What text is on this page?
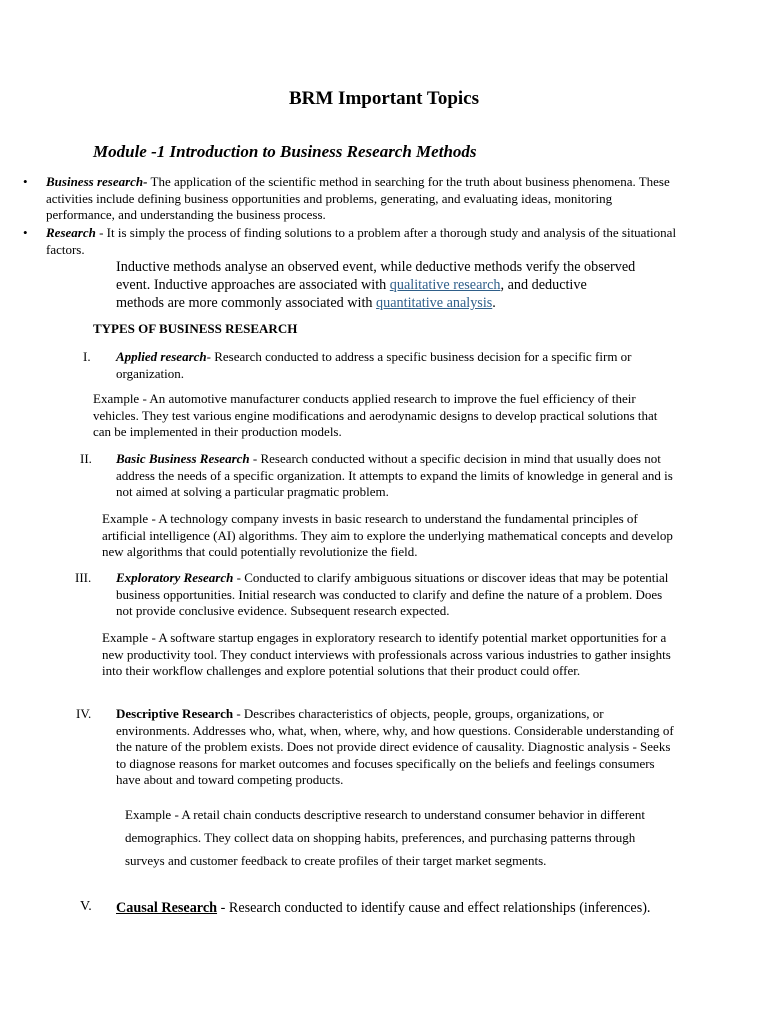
BRM Important Topics
Module -1 Introduction to Business Research Methods
• Business research- The application of the scientific method in searching for the truth about business phenomena. These activities include defining business opportunities and problems, generating, and evaluating ideas, monitoring performance, and understanding the business process.
• Research - It is simply the process of finding solutions to a problem after a thorough study and analysis of the situational factors.
Inductive methods analyse an observed event, while deductive methods verify the observed event. Inductive approaches are associated with qualitative research, and deductive methods are more commonly associated with quantitative analysis.
TYPES OF BUSINESS RESEARCH
I. Applied research- Research conducted to address a specific business decision for a specific firm or organization.
Example - An automotive manufacturer conducts applied research to improve the fuel efficiency of their vehicles. They test various engine modifications and aerodynamic designs to develop practical solutions that can be implemented in their production models.
II. Basic Business Research - Research conducted without a specific decision in mind that usually does not address the needs of a specific organization. It attempts to expand the limits of knowledge in general and is not aimed at solving a particular pragmatic problem.
Example - A technology company invests in basic research to understand the fundamental principles of artificial intelligence (AI) algorithms. They aim to explore the underlying mathematical concepts and develop new algorithms that could potentially revolutionize the field.
III. Exploratory Research - Conducted to clarify ambiguous situations or discover ideas that may be potential business opportunities. Initial research was conducted to clarify and define the nature of a problem. Does not provide conclusive evidence. Subsequent research expected.
Example - A software startup engages in exploratory research to identify potential market opportunities for a new productivity tool. They conduct interviews with professionals across various industries to gather insights into their workflow challenges and explore potential solutions that their product could offer.
IV. Descriptive Research - Describes characteristics of objects, people, groups, organizations, or environments. Addresses who, what, when, where, why, and how questions. Considerable understanding of the nature of the problem exists. Does not provide direct evidence of causality. Diagnostic analysis - Seeks to diagnose reasons for market outcomes and focuses specifically on the beliefs and feelings consumers have about and toward competing products.
Example - A retail chain conducts descriptive research to understand consumer behavior in different demographics. They collect data on shopping habits, preferences, and purchasing patterns through surveys and customer feedback to create profiles of their target market segments.
V. Causal Research - Research conducted to identify cause and effect relationships (inferences).
